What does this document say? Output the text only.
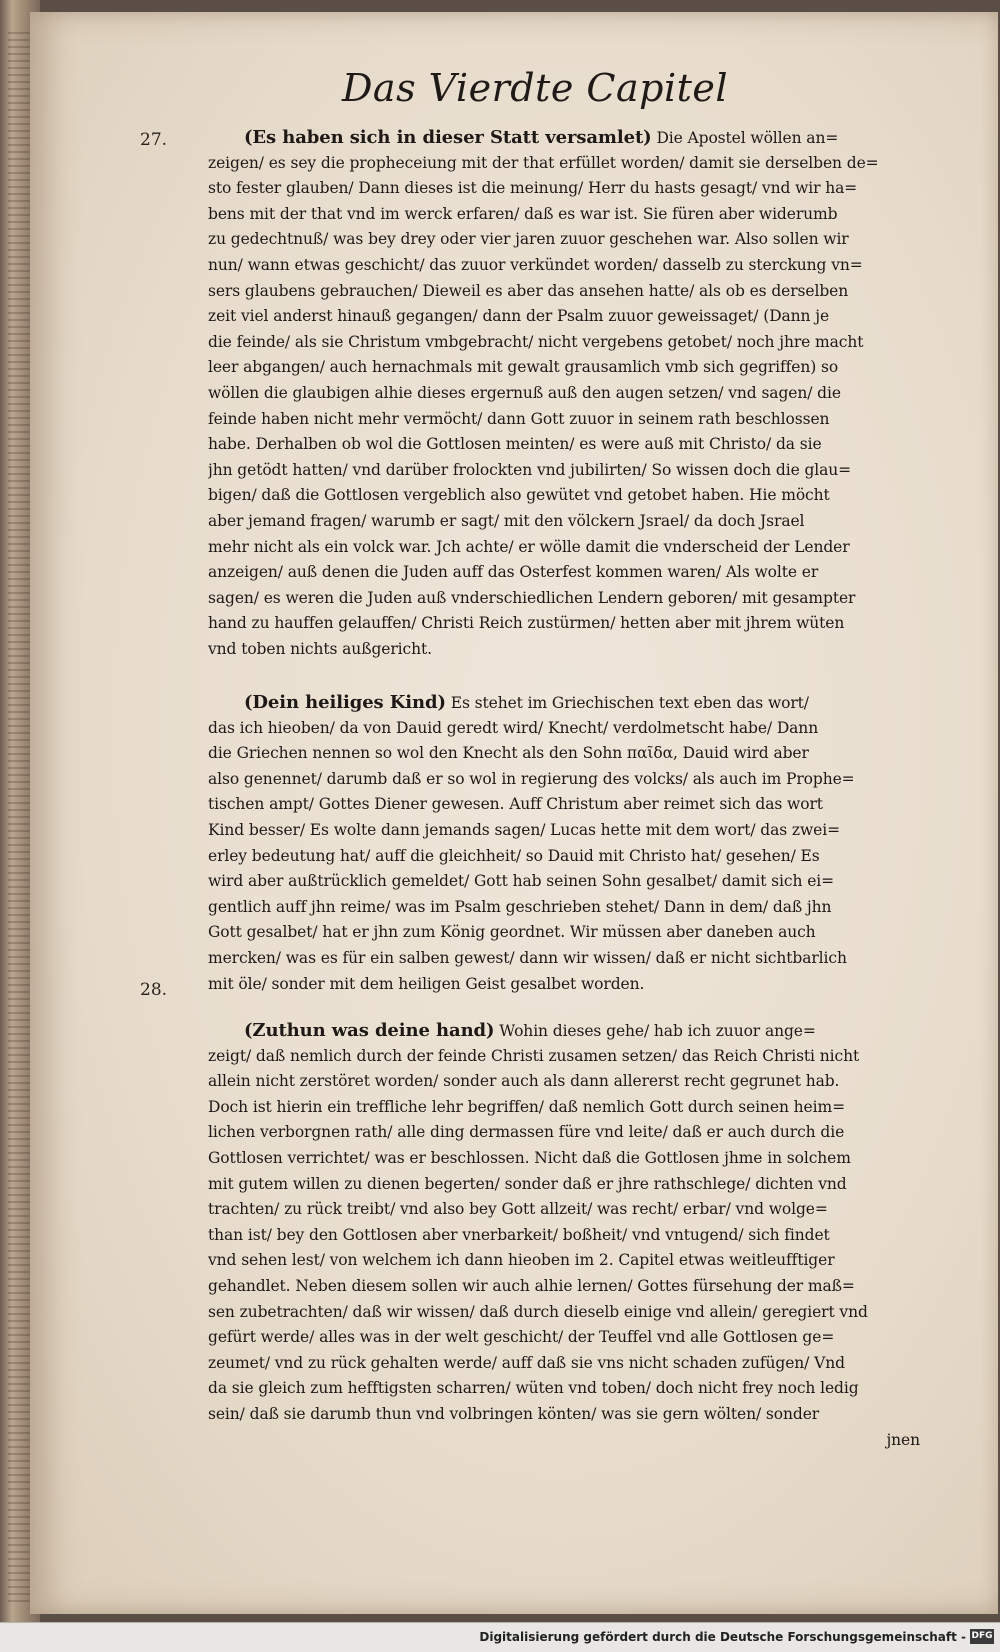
Das Vierdte Capitel
27.
28.
(Es haben sich in dieser Statt versamlet) Die Apostel wöllen an=
zeigen/ es sey die propheceiung mit der that erfüllet worden/ damit sie derselben de=
sto fester glauben/ Dann dieses ist die meinung/ Herr du hasts gesagt/ vnd wir ha=
bens mit der that vnd im werck erfaren/ daß es war ist. Sie füren aber widerumb
zu gedechtnuß/ was bey drey oder vier jaren zuuor geschehen war. Also sollen wir
nun/ wann etwas geschicht/ das zuuor verkündet worden/ dasselb zu sterckung vn=
sers glaubens gebrauchen/ Dieweil es aber das ansehen hatte/ als ob es derselben
zeit viel anderst hinauß gegangen/ dann der Psalm zuuor geweissaget/ (Dann je
die feinde/ als sie Christum vmbgebracht/ nicht vergebens getobet/ noch jhre macht
leer abgangen/ auch hernachmals mit gewalt grausamlich vmb sich gegriffen) so
wöllen die glaubigen alhie dieses ergernuß auß den augen setzen/ vnd sagen/ die
feinde haben nicht mehr vermöcht/ dann Gott zuuor in seinem rath beschlossen
habe. Derhalben ob wol die Gottlosen meinten/ es were auß mit Christo/ da sie
jhn getödt hatten/ vnd darüber frolockten vnd jubilirten/ So wissen doch die glau=
bigen/ daß die Gottlosen vergeblich also gewütet vnd getobet haben. Hie möcht
aber jemand fragen/ warumb er sagt/ mit den völckern Jsrael/ da doch Jsrael
mehr nicht als ein volck war. Jch achte/ er wölle damit die vnderscheid der Lender
anzeigen/ auß denen die Juden auff das Osterfest kommen waren/ Als wolte er
sagen/ es weren die Juden auß vnderschiedlichen Lendern geboren/ mit gesampter
hand zu hauffen gelauffen/ Christi Reich zustürmen/ hetten aber mit jhrem wüten
vnd toben nichts außgericht.
(Dein heiliges Kind) Es stehet im Griechischen text eben das wort/
das ich hieoben/ da von Dauid geredt wird/ Knecht/ verdolmetscht habe/ Dann
die Griechen nennen so wol den Knecht als den Sohn παῖδα, Dauid wird aber
also genennet/ darumb daß er so wol in regierung des volcks/ als auch im Prophe=
tischen ampt/ Gottes Diener gewesen. Auff Christum aber reimet sich das wort
Kind besser/ Es wolte dann jemands sagen/ Lucas hette mit dem wort/ das zwei=
erley bedeutung hat/ auff die gleichheit/ so Dauid mit Christo hat/ gesehen/ Es
wird aber außtrücklich gemeldet/ Gott hab seinen Sohn gesalbet/ damit sich ei=
gentlich auff jhn reime/ was im Psalm geschrieben stehet/ Dann in dem/ daß jhn
Gott gesalbet/ hat er jhn zum König geordnet. Wir müssen aber daneben auch
mercken/ was es für ein salben gewest/ dann wir wissen/ daß er nicht sichtbarlich
mit öle/ sonder mit dem heiligen Geist gesalbet worden.
(Zuthun was deine hand) Wohin dieses gehe/ hab ich zuuor ange=
zeigt/ daß nemlich durch der feinde Christi zusamen setzen/ das Reich Christi nicht
allein nicht zerstöret worden/ sonder auch als dann allererst recht gegrunet hab.
Doch ist hierin ein treffliche lehr begriffen/ daß nemlich Gott durch seinen heim=
lichen verborgnen rath/ alle ding dermassen füre vnd leite/ daß er auch durch die
Gottlosen verrichtet/ was er beschlossen. Nicht daß die Gottlosen jhme in solchem
mit gutem willen zu dienen begerten/ sonder daß er jhre rathschlege/ dichten vnd
trachten/ zu rück treibt/ vnd also bey Gott allzeit/ was recht/ erbar/ vnd wolge=
than ist/ bey den Gottlosen aber vnerbarkeit/ boßheit/ vnd vntugend/ sich findet
vnd sehen lest/ von welchem ich dann hieoben im 2. Capitel etwas weitleufftiger
gehandlet. Neben diesem sollen wir auch alhie lernen/ Gottes fürsehung der maß=
sen zubetrachten/ daß wir wissen/ daß durch dieselb einige vnd allein/ geregiert vnd
gefürt werde/ alles was in der welt geschicht/ der Teuffel vnd alle Gottlosen ge=
zeumet/ vnd zu rück gehalten werde/ auff daß sie vns nicht schaden zufügen/ Vnd
da sie gleich zum hefftigsten scharren/ wüten vnd toben/ doch nicht frey noch ledig
sein/ daß sie darumb thun vnd volbringen könten/ was sie gern wölten/ sonder
jnen
Digitalisierung gefördert durch die Deutsche Forschungsgemeinschaft - DFG
